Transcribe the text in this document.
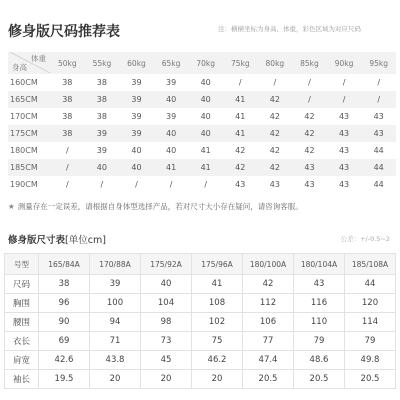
修身版尺码推荐表	注：横横坐标为身高、体重，彩色区域为对应尺码
体重
身高	50kg	55kg	60kg	65kg	70kg	75kg	80kg	85kg	90kg	95kg
160CM	38	38	39	39	40	/	/	/	/	/
165CM	38	38	39	40	40	41	42	/	/	/
170CM	38	38	39	39	40	41	42	42	43	43
175CM	38	39	39	40	40	41	42	42	43	43
180CM	/	39	40	40	41	42	42	42	43	44
185CM	/	40	40	41	41	42	42	43	43	44
190CM	/	/	/	/	/	43	43	43	43	44
★ 测量存在一定误差，请根据自身体型选择产品，若对尺寸大小存在疑问，请咨询客服。
修身版尺寸表[单位cm]	公差：+/-0.5~2
号型	165/84A	170/88A	175/92A	175/96A	180/100A	180/104A	185/108A
尺码	38	39	40	41	42	43	44
胸围	96	100	104	108	112	116	120
腰围	90	94	98	102	106	110	114
衣长	69	71	73	75	77	79	79
肩宽	42.6	43.8	45	46.2	47.4	48.6	49.8
袖长	19.5	20	20	20	20.5	20.5	20.5
